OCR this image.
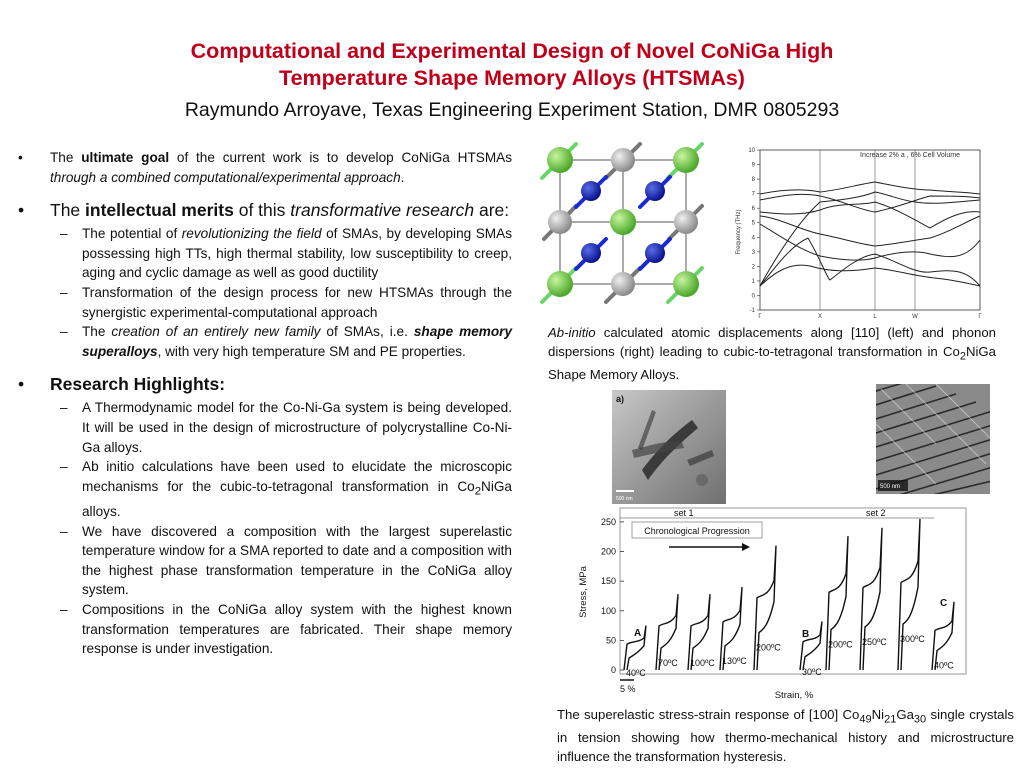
Computational and Experimental Design of Novel CoNiGa High
Temperature Shape Memory Alloys (HTSMAs)
Raymundo Arroyave, Texas Engineering Experiment Station, DMR 0805293
• The ultimate goal of the current work is to develop CoNiGa HTSMAs through a combined computational/experimental approach.
• The intellectual merits of this transformative research are:
– The potential of revolutionizing the field of SMAs, by developing SMAs possessing high TTs, high thermal stability, low susceptibility to creep, aging and cyclic damage as well as good ductility
– Transformation of the design process for new HTSMAs through the synergistic experimental-computational approach
– The creation of an entirely new family of SMAs, i.e. shape memory superalloys, with very high temperature SM and PE properties.
• Research Highlights:
– A Thermodynamic model for the Co-Ni-Ga system is being developed. It will be used in the design of microstructure of polycrystalline Co-Ni-Ga alloys.
– Ab initio calculations have been used to elucidate the microscopic mechanisms for the cubic-to-tetragonal transformation in $Co_2NiGa$ alloys.
– We have discovered a composition with the largest superelastic temperature window for a SMA reported to date and a composition with the highest phase transformation temperature in the CoNiGa alloy system.
– Compositions in the CoNiGa alloy system with the highest known transformation temperatures are fabricated. Their shape memory response is under investigation.
-1
0
1
2
3
4
5
6
7
8
9
10
Γ	X	L	W	Γ
Increase 2% a , 6% Cell Volume
Frequency (THz)
Ab-initio calculated atomic displacements along [110] (left) and phonon dispersions (right) leading to cubic-to-tetragonal transformation in $Co_2NiGa$ Shape Memory Alloys.
a)
500 nm
500 nm
0
50
100
150
200
250
Stress, MPa
Strain, %
set 1	set 2
Chronological Progression
40ºC
70ºC 100ºC 130ºC
200ºC
30ºC
200ºC 250ºC 300ºC
40ºC
A	B
C
5 %
The superelastic stress-strain response of [100] $Co_{49}Ni_{21}Ga_{30}$ single crystals in tension showing how thermo-mechanical history and microstructure influence the transformation hysteresis.
